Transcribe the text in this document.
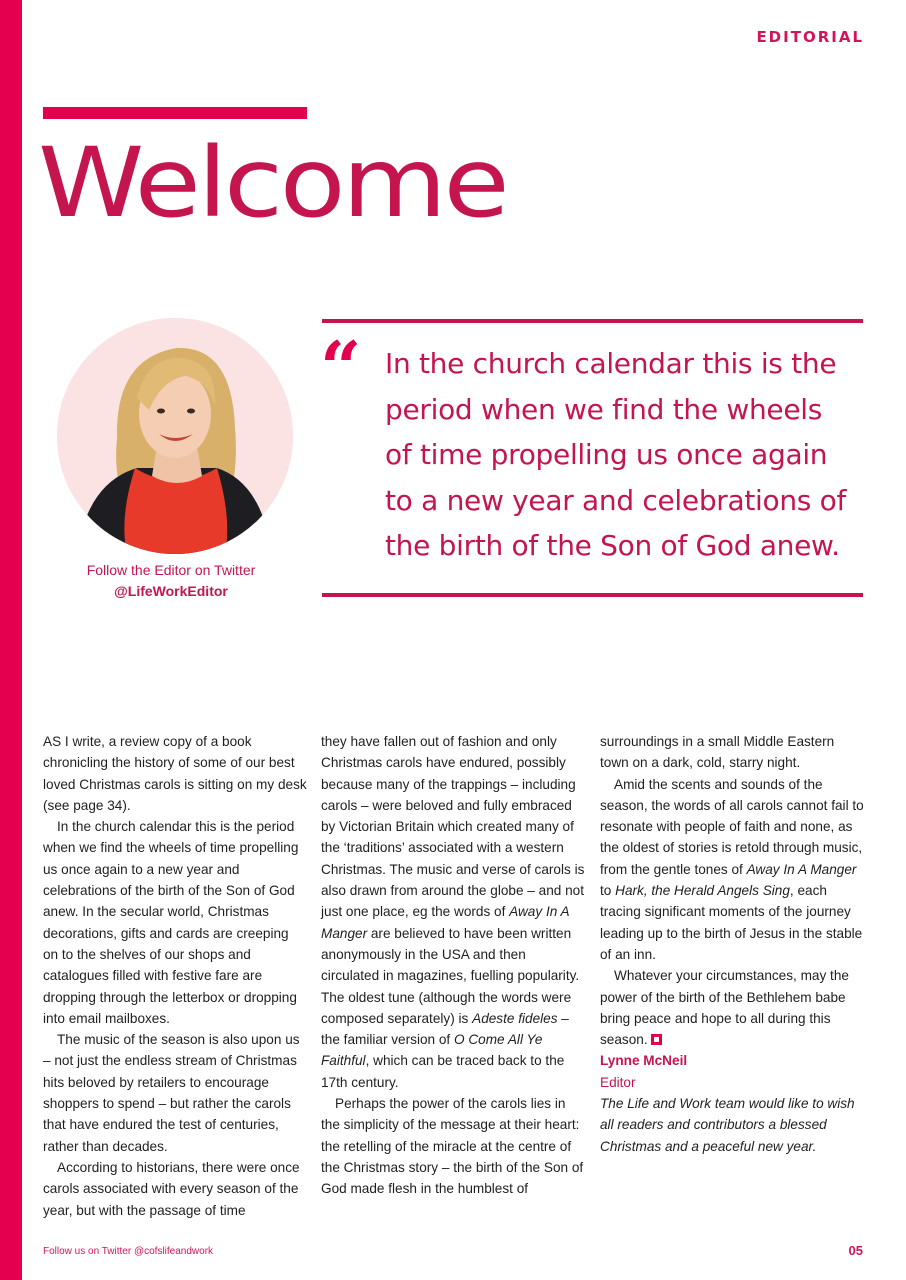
EDITORIAL
Welcome
Follow the Editor on Twitter
@LifeWorkEditor
“ In the church calendar this is the period when we find the wheels of time propelling us once again to a new year and celebrations of the birth of the Son of God anew.

AS I write, a review copy of a book chronicling the history of some of our best loved Christmas carols is sitting on my desk (see page 34).

In the church calendar this is the period when we find the wheels of time propelling us once again to a new year and celebrations of the birth of the Son of God anew. In the secular world, Christmas decorations, gifts and cards are creeping on to the shelves of our shops and catalogues filled with festive fare are dropping through the letterbox or dropping into email mailboxes.

The music of the season is also upon us – not just the endless stream of Christmas hits beloved by retailers to encourage shoppers to spend – but rather the carols that have endured the test of centuries, rather than decades.

According to historians, there were once carols associated with every season of the year, but with the passage of time

they have fallen out of fashion and only Christmas carols have endured, possibly because many of the trappings – including carols – were beloved and fully embraced by Victorian Britain which created many of the ‘traditions’ associated with a western Christmas. The music and verse of carols is also drawn from around the globe – and not just one place, eg the words of Away In A Manger are believed to have been written anonymously in the USA and then circulated in magazines, fuelling popularity. The oldest tune (although the words were composed separately) is Adeste fideles – the familiar version of O Come All Ye Faithful, which can be traced back to the 17th century.

Perhaps the power of the carols lies in the simplicity of the message at their heart: the retelling of the miracle at the centre of the Christmas story – the birth of the Son of God made flesh in the humblest of

surroundings in a small Middle Eastern town on a dark, cold, starry night.

Amid the scents and sounds of the season, the words of all carols cannot fail to resonate with people of faith and none, as the oldest of stories is retold through music, from the gentle tones of Away In A Manger to Hark, the Herald Angels Sing, each tracing significant moments of the journey leading up to the birth of Jesus in the stable of an inn.

Whatever your circumstances, may the power of the birth of the Bethlehem babe bring peace and hope to all during this season.

Lynne McNeil

Editor

The Life and Work team would like to wish all readers and contributors a blessed Christmas and a peaceful new year.

Follow us on Twitter @cofslifeandwork	05
